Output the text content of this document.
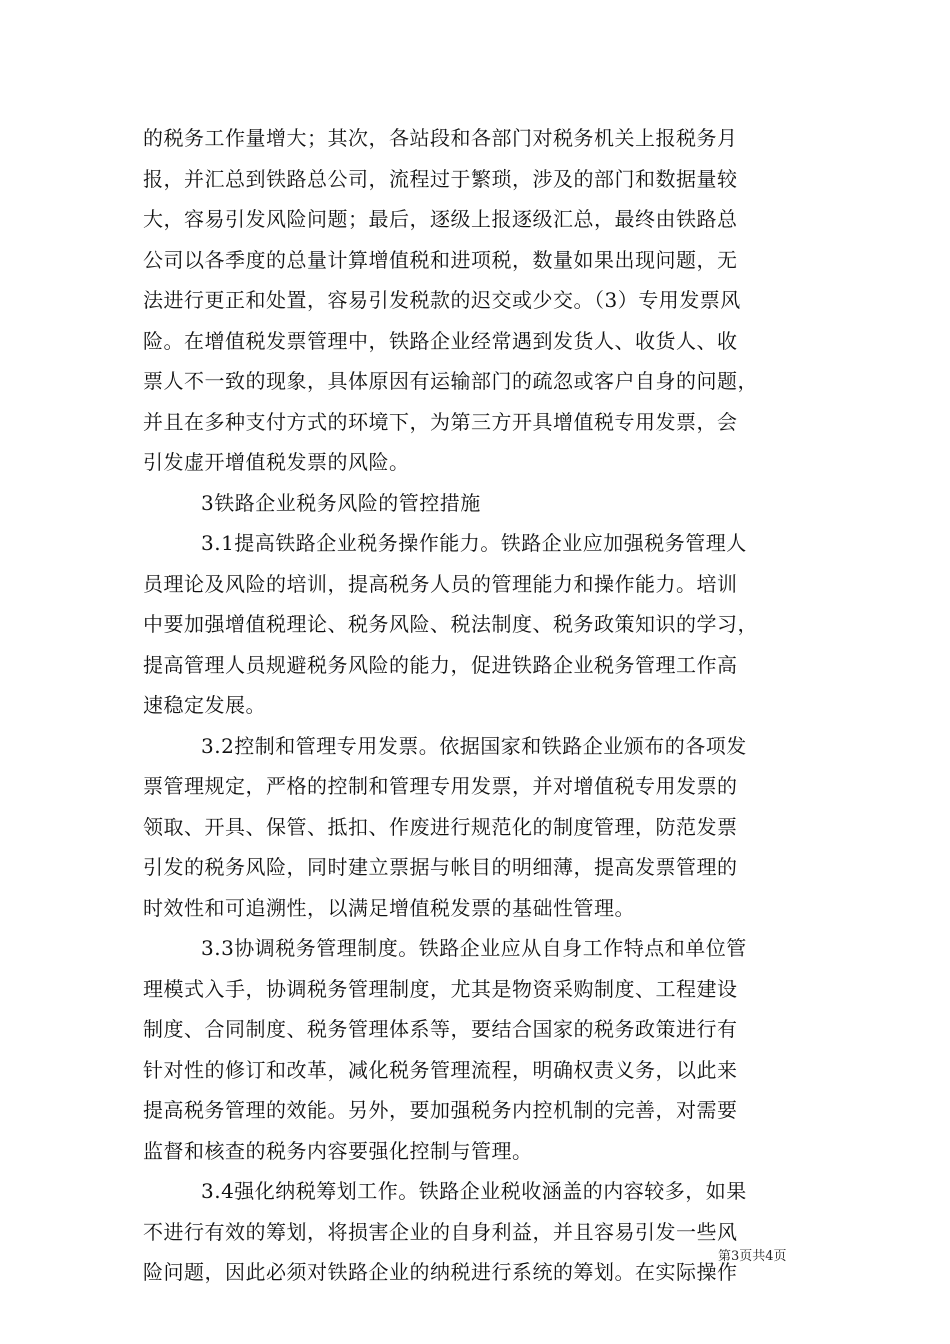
的税务工作量增大；其次，各站段和各部门对税务机关上报税务月
报，并汇总到铁路总公司，流程过于繁琐，涉及的部门和数据量较
大，容易引发风险问题；最后，逐级上报逐级汇总，最终由铁路总
公司以各季度的总量计算增值税和进项税，数量如果出现问题，无
法进行更正和处置，容易引发税款的迟交或少交。（3）专用发票风
险。在增值税发票管理中，铁路企业经常遇到发货人、收货人、收
票人不一致的现象，具体原因有运输部门的疏忽或客户自身的问题，
并且在多种支付方式的环境下，为第三方开具增值税专用发票，会
引发虚开增值税发票的风险。
3铁路企业税务风险的管控措施
3.1提高铁路企业税务操作能力。铁路企业应加强税务管理人
员理论及风险的培训，提高税务人员的管理能力和操作能力。培训
中要加强增值税理论、税务风险、税法制度、税务政策知识的学习，
提高管理人员规避税务风险的能力，促进铁路企业税务管理工作高
速稳定发展。
3.2控制和管理专用发票。依据国家和铁路企业颁布的各项发
票管理规定，严格的控制和管理专用发票，并对增值税专用发票的
领取、开具、保管、抵扣、作废进行规范化的制度管理，防范发票
引发的税务风险，同时建立票据与帐目的明细薄，提高发票管理的
时效性和可追溯性，以满足增值税发票的基础性管理。
3.3协调税务管理制度。铁路企业应从自身工作特点和单位管
理模式入手，协调税务管理制度，尤其是物资采购制度、工程建设
制度、合同制度、税务管理体系等，要结合国家的税务政策进行有
针对性的修订和改革，减化税务管理流程，明确权责义务，以此来
提高税务管理的效能。另外，要加强税务内控机制的完善，对需要
监督和核查的税务内容要强化控制与管理。
3.4强化纳税筹划工作。铁路企业税收涵盖的内容较多，如果
不进行有效的筹划，将损害企业的自身利益，并且容易引发一些风
险问题，因此必须对铁路企业的纳税进行系统的筹划。在实际操作
第3页共4页
